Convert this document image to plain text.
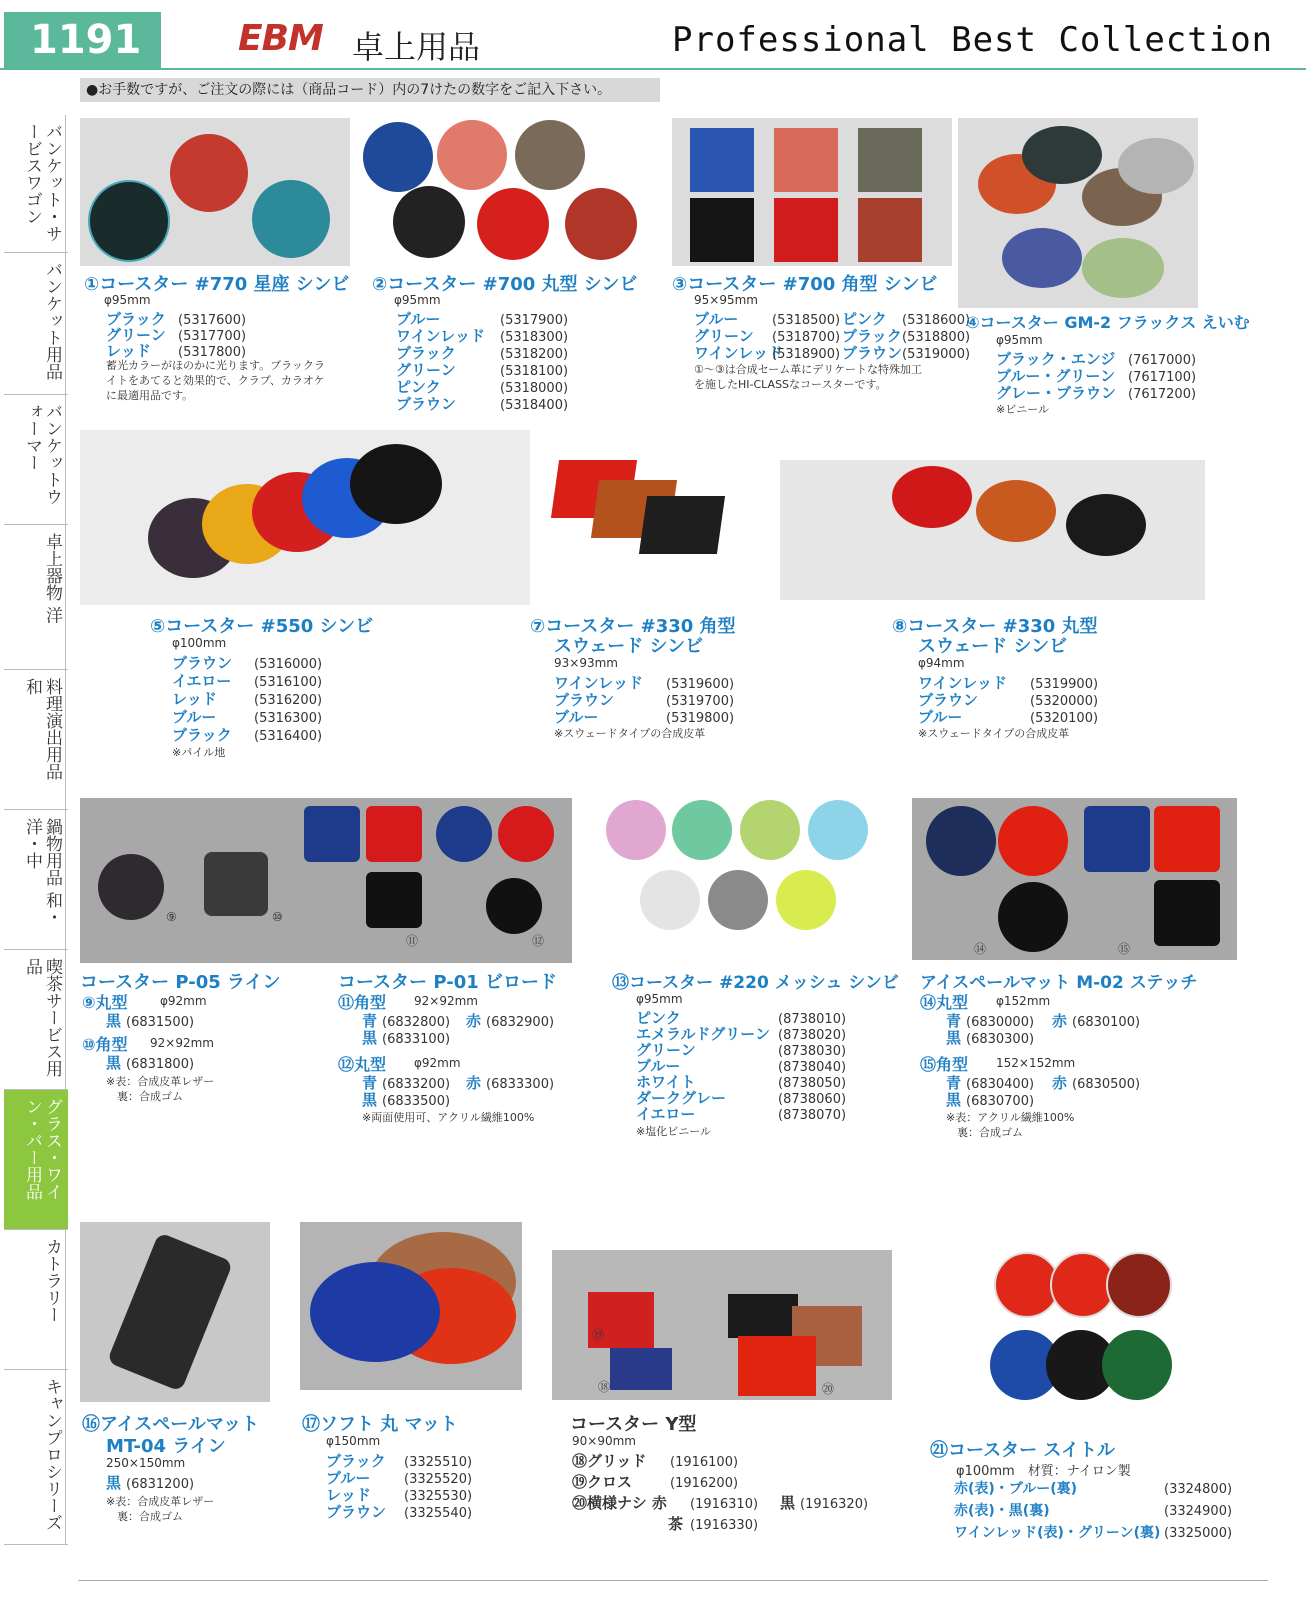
1191	EBM 卓上用品	Professional Best Collection
●お手数ですが、ご注文の際には（商品コード）内の7けたの数字をご記入下さい。
バンケット・サービスワゴン
バンケット用品
バンケットウォーマー
卓上器物 洋
料理演出用品 和
鍋物用品 和・洋・中
喫茶サービス用品
グラス・ワイン・バー用品
カトラリー
キャンプロシリーズ
①コースター #770 星座 シンビ
φ95mm
ブラック (5317600)
グリーン (5317700)
レッド (5317800)
蓄光カラーがほのかに光ります。ブラックラ
イトをあてると効果的で、クラブ、カラオケ
に最適用品です。
②コースター #700 丸型 シンビ
φ95mm
ブルー	(5317900)
ワインレッド (5318300)
ブラック	(5318200)
グリーン	(5318100)
ピンク	(5318000)
ブラウン	(5318400)
③コースター #700 角型 シンビ
95×95mm
ブルー	(5318500) ピンク (5318600)
グリーン (5318700) ブラック(5318800)
ワインレッド(5318900) ブラウン(5319000)
①〜③は合成セーム革にデリケートな特殊加工
を施したHI-CLASSなコースターです。
④コースター GM-2 フラックス えいむ
φ95mm
ブラック・エンジ (7617000)
ブルー・グリーン (7617100)
グレー・ブラウン (7617200)
※ビニール
⑤コースター #550 シンビ
φ100mm
ブラウン (5316000)
イエロー (5316100)
レッド	(5316200)
ブルー	(5316300)
ブラック (5316400)
※パイル地
⑦コースター #330 角型
スウェード シンビ
93×93mm
ワインレッド (5319600)
ブラウン	(5319700)
ブルー	(5319800)
※スウェードタイプの合成皮革
⑧コースター #330 丸型
スウェード シンビ
φ94mm
ワインレッド (5319900)
ブラウン	(5320000)
ブルー	(5320100)
※スウェードタイプの合成皮革
⑨	⑩
⑪	⑫
⑭	⑮
コースター P-05 ライン
⑨丸型	φ92mm
黒 (6831500)
⑩角型 92×92mm
黒 (6831800)
※表：合成皮革レザー
　裏：合成ゴム
コースター P-01 ビロード
⑪角型 92×92mm
青 (6832800) 赤 (6832900)
黒 (6833100)
⑫丸型 φ92mm
青 (6833200) 赤 (6833300)
黒 (6833500)
※両面使用可、アクリル繊維100%
⑬コースター #220 メッシュ シンビ
φ95mm
ピンク	(8738010)
エメラルドグリーン (8738020)
グリーン	(8738030)
ブルー	(8738040)
ホワイト	(8738050)
ダークグレー	(8738060)
イエロー	(8738070)
※塩化ビニール
アイスペールマット M-02 ステッチ
⑭丸型 φ152mm
青 (6830000) 赤 (6830100)
黒 (6830300)
⑮角型 152×152mm
青 (6830400) 赤 (6830500)
黒 (6830700)
※表：アクリル繊維100%
　裏：合成ゴム
⑲
⑱	⑳
⑯アイスペールマット
MT-04 ライン
250×150mm
黒 (6831200)
※表：合成皮革レザー
　裏：合成ゴム
⑰ソフト 丸 マット
φ150mm
ブラック (3325510)
ブルー	(3325520)
レッド	(3325530)
ブラウン (3325540)
コースター Y型
90×90mm
⑱グリッド (1916100)
⑲クロス	(1916200)
⑳横様ナシ 赤 (1916310) 黒 (1916320)
茶 (1916330)
㉑コースター スイトル
φ100mm　材質：ナイロン製
赤(表)・ブルー(裏)	(3324800)
赤(表)・黒(裏)	(3324900)
ワインレッド(表)・グリーン(裏) (3325000)
